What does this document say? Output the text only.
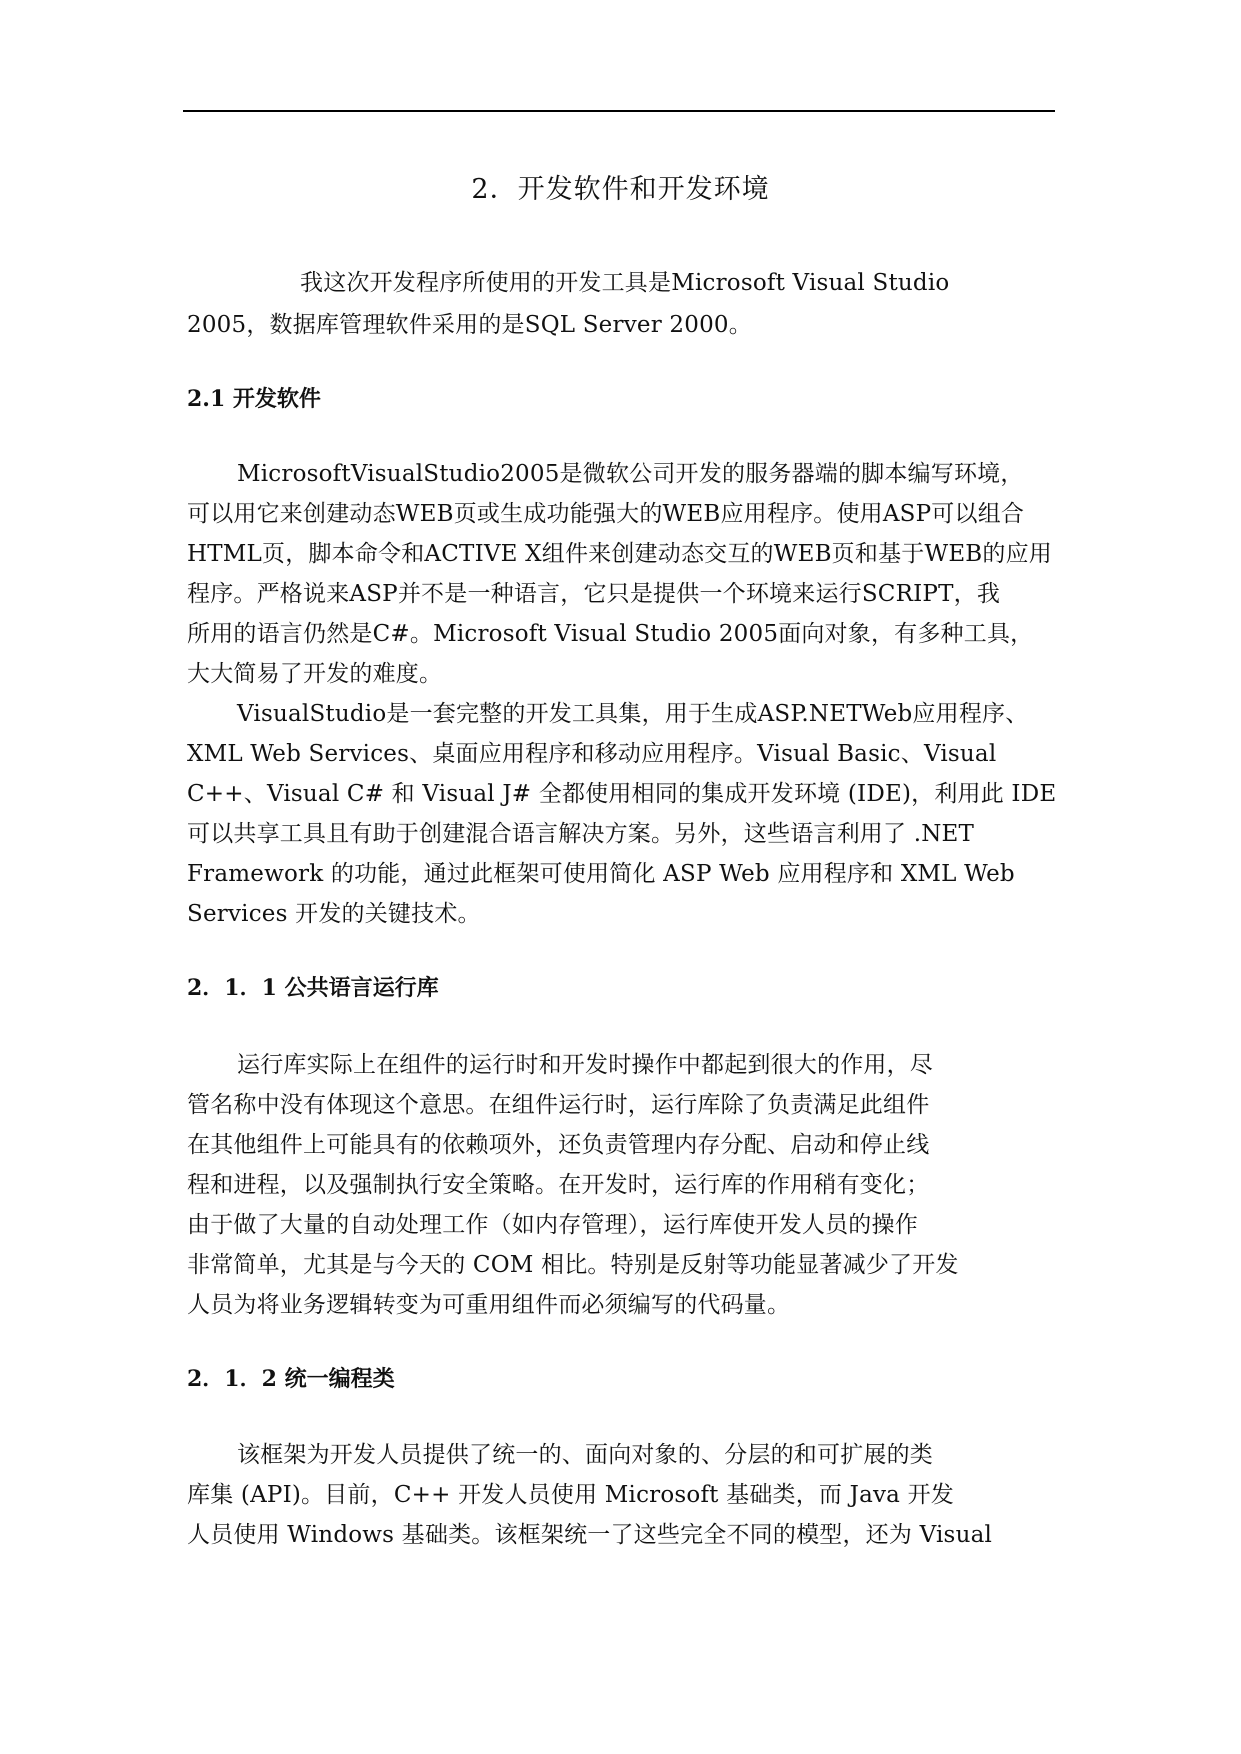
2．开发软件和开发环境
我这次开发程序所使用的开发工具是Microsoft Visual Studio
2005，数据库管理软件采用的是SQL Server 2000。
2.1 开发软件
MicrosoftVisualStudio2005是微软公司开发的服务器端的脚本编写环境，
可以用它来创建动态WEB页或生成功能强大的WEB应用程序。使用ASP可以组合
HTML页，脚本命令和ACTIVE X组件来创建动态交互的WEB页和基于WEB的应用
程序。严格说来ASP并不是一种语言，它只是提供一个环境来运行SCRIPT，我
所用的语言仍然是C#。Microsoft Visual Studio 2005面向对象，有多种工具，
大大简易了开发的难度。
VisualStudio是一套完整的开发工具集，用于生成ASP.NETWeb应用程序、
XML Web Services、桌面应用程序和移动应用程序。Visual Basic、Visual
C++、Visual C# 和 Visual J# 全都使用相同的集成开发环境 (IDE)，利用此 IDE
可以共享工具且有助于创建混合语言解决方案。另外，这些语言利用了 .NET
Framework 的功能，通过此框架可使用简化 ASP Web 应用程序和 XML Web
Services 开发的关键技术。
2．1．1 公共语言运行库
运行库实际上在组件的运行时和开发时操作中都起到很大的作用，尽
管名称中没有体现这个意思。在组件运行时，运行库除了负责满足此组件
在其他组件上可能具有的依赖项外，还负责管理内存分配、启动和停止线
程和进程，以及强制执行安全策略。在开发时，运行库的作用稍有变化；
由于做了大量的自动处理工作（如内存管理），运行库使开发人员的操作
非常简单，尤其是与今天的 COM 相比。特别是反射等功能显著减少了开发
人员为将业务逻辑转变为可重用组件而必须编写的代码量。
2．1．2 统一编程类
该框架为开发人员提供了统一的、面向对象的、分层的和可扩展的类
库集 (API)。目前，C++ 开发人员使用 Microsoft 基础类，而 Java 开发
人员使用 Windows 基础类。该框架统一了这些完全不同的模型，还为 Visual
